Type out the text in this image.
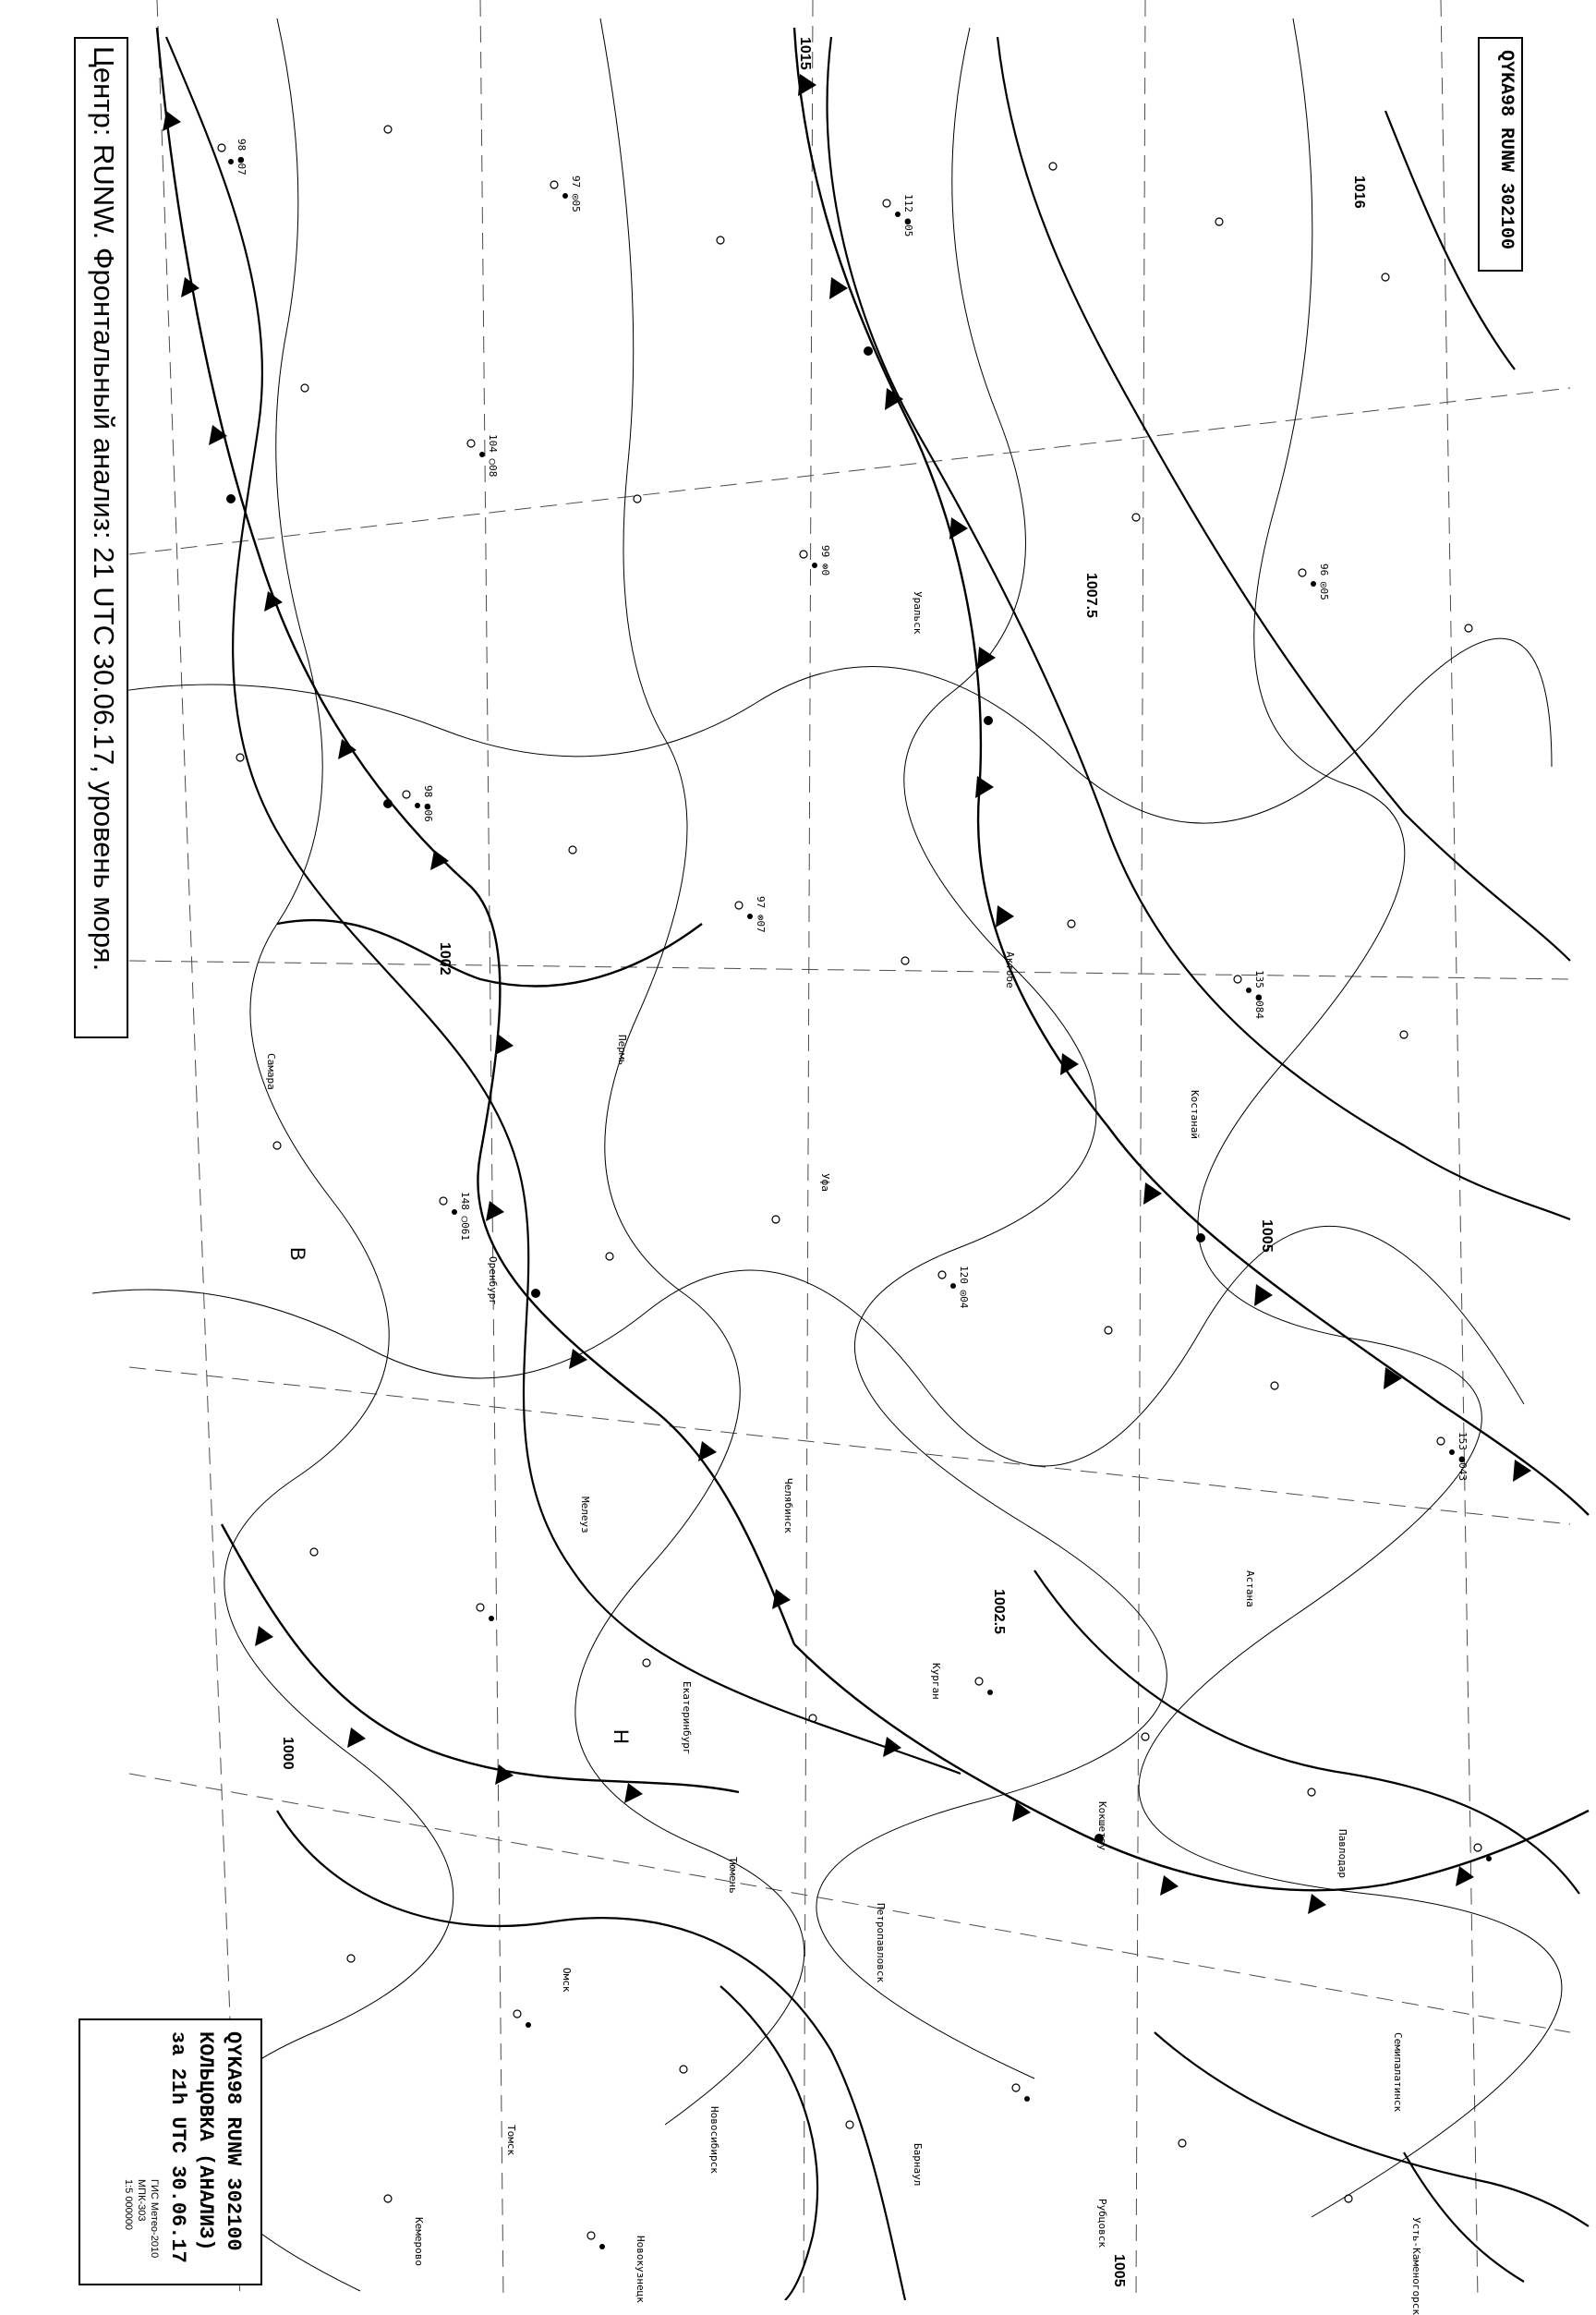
98 ●07
97 ◎05
112 ●05
104 ○08
99 ⊗0
96 ◎05
98 ●06
97 ⊗07
135 ●084
148 ○061
120 ◎04
153 ●043
Мелеуз
Оренбург
Самара
Уральск
Актобе
Костанай
Челябинск
Уфа
Пермь
Екатеринбург
Тюмень
Курган
Омск	Петропавловск
Кокшетау
Астана
Павлодар
Семипалатинск
Новосибирск	Барнаул
Томск
Кемерово	Новокузнецк
Рубцовск	Усть-Каменогорск
1015
1016
1007.5
1005
1002
1002.5
1000
1005
В
Н
QYKA98 RUNW 302100
Центр: RUNW. Фронтальный анализ: 21 UTC 30.06.17, уровень моря.
QYKA98 RUNW 302100
КОЛЬЦОВКА (АНАЛИЗ)
за 21h UTC 30.06.17
ГИС Метео-2010
МПК-303
1:5 000000
